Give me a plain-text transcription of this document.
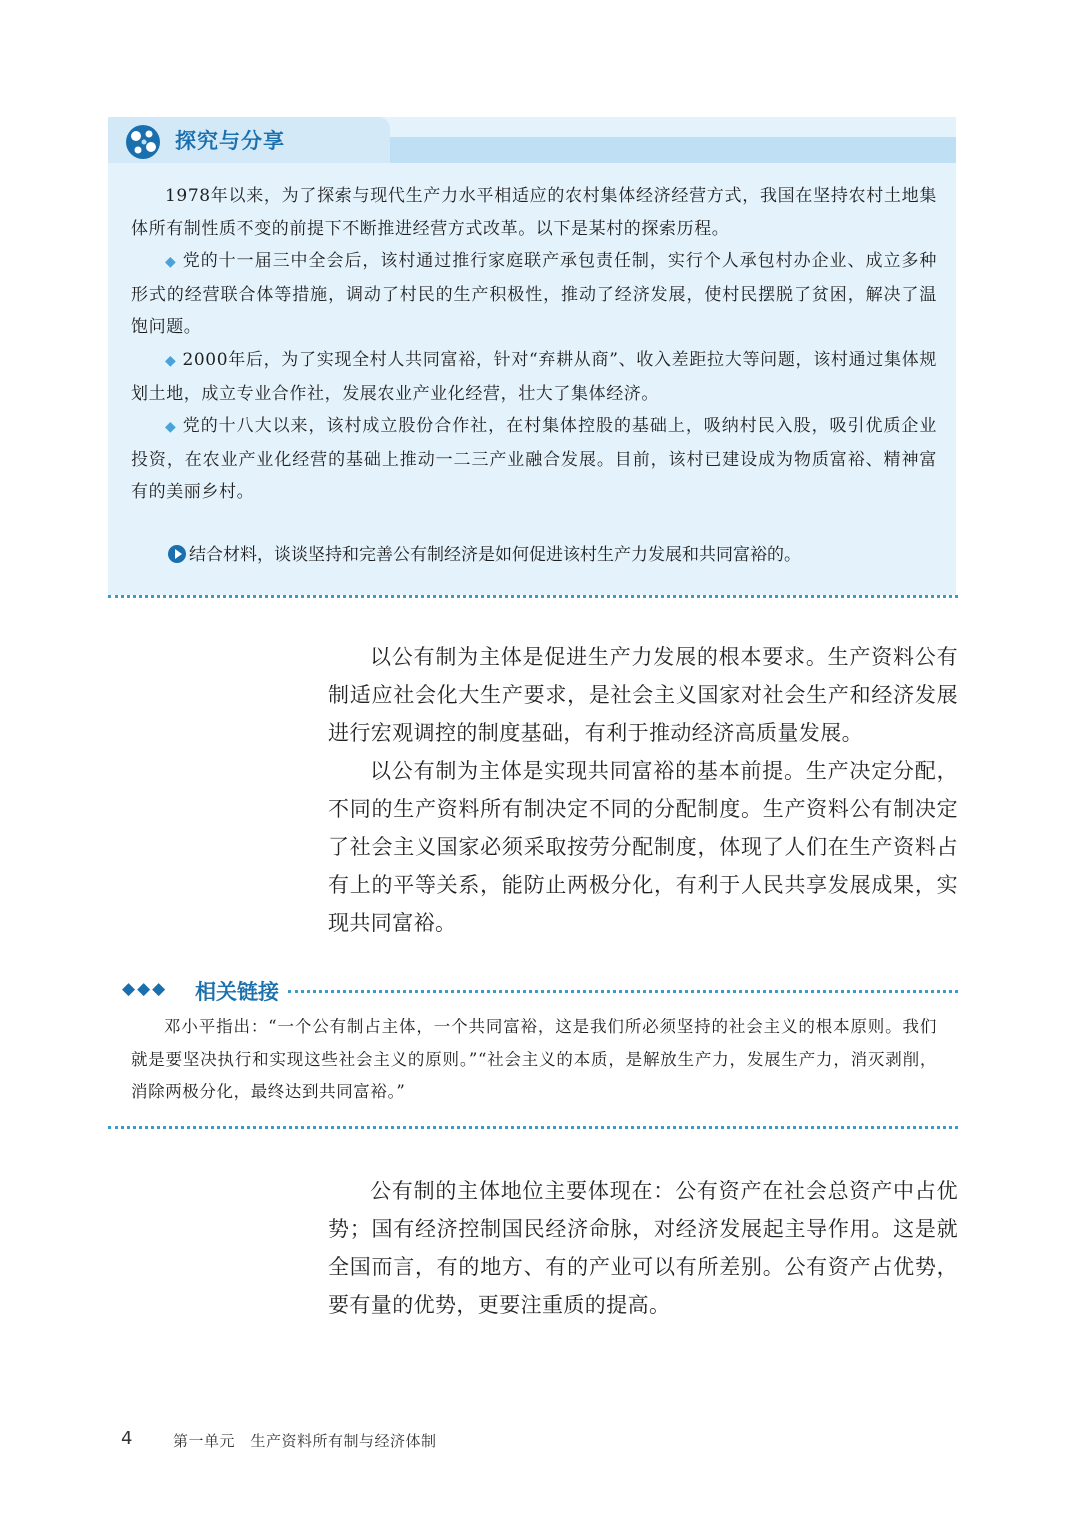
探究与分享

1978年以来，为了探索与现代生产力水平相适应的农村集体经济经营方式，我国在坚持农村土地集体所有制性质不变的前提下不断推进经营方式改革。以下是某村的探索历程。

◆ 党的十一届三中全会后，该村通过推行家庭联产承包责任制，实行个人承包村办企业、成立多种形式的经营联合体等措施，调动了村民的生产积极性，推动了经济发展，使村民摆脱了贫困，解决了温饱问题。

◆ 2000年后，为了实现全村人共同富裕，针对“弃耕从商”、收入差距拉大等问题，该村通过集体规划土地，成立专业合作社，发展农业产业化经营，壮大了集体经济。

◆ 党的十八大以来，该村成立股份合作社，在村集体控股的基础上，吸纳村民入股，吸引优质企业投资，在农业产业化经营的基础上推动一二三产业融合发展。目前，该村已建设成为物质富裕、精神富有的美丽乡村。

结合材料，谈谈坚持和完善公有制经济是如何促进该村生产力发展和共同富裕的。

以公有制为主体是促进生产力发展的根本要求。生产资料公有制适应社会化大生产要求，是社会主义国家对社会生产和经济发展进行宏观调控的制度基础，有利于推动经济高质量发展。

以公有制为主体是实现共同富裕的基本前提。生产决定分配，不同的生产资料所有制决定不同的分配制度。生产资料公有制决定了社会主义国家必须采取按劳分配制度，体现了人们在生产资料占有上的平等关系，能防止两极分化，有利于人民共享发展成果，实现共同富裕。

◆◆◆ 相关链接

邓小平指出：“一个公有制占主体，一个共同富裕，这是我们所必须坚持的社会主义的根本原则。我们就是要坚决执行和实现这些社会主义的原则。”“社会主义的本质，是解放生产力，发展生产力，消灭剥削，消除两极分化，最终达到共同富裕。”

公有制的主体地位主要体现在：公有资产在社会总资产中占优势；国有经济控制国民经济命脉，对经济发展起主导作用。这是就全国而言，有的地方、有的产业可以有所差别。公有资产占优势，要有量的优势，更要注重质的提高。

4	第一单元　生产资料所有制与经济体制
